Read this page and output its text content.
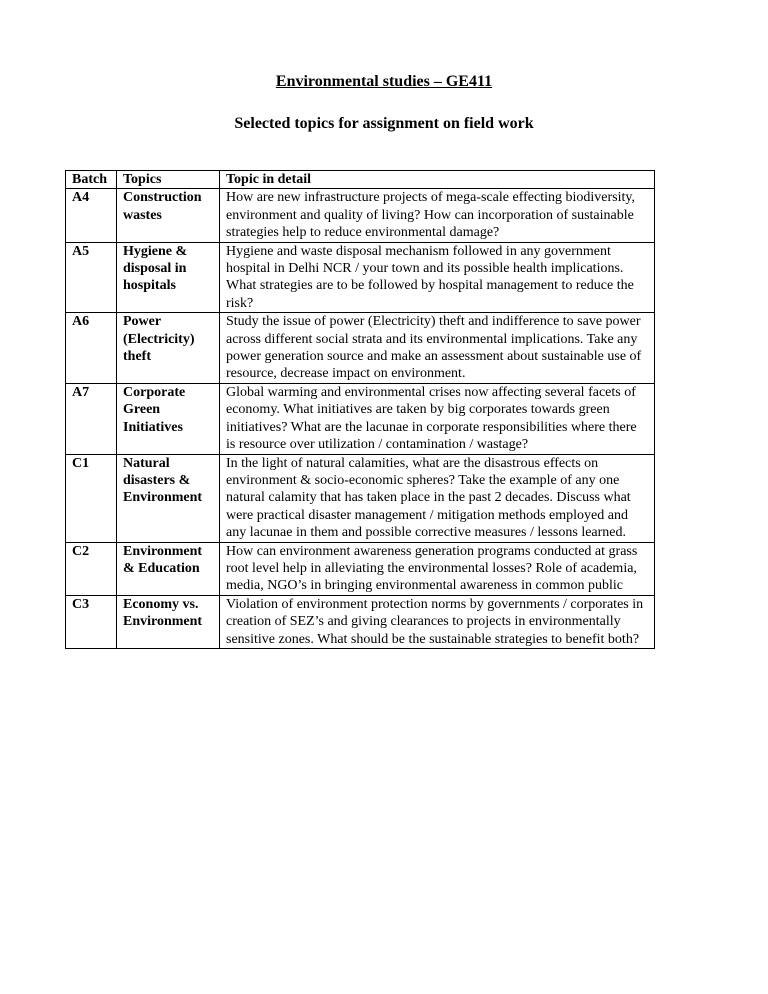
Environmental studies – GE411
Selected topics for assignment on field work
Batch	Topics	Topic in detail
A4	Construction wastes	How are new infrastructure projects of mega-scale effecting biodiversity, environment and quality of living? How can incorporation of sustainable strategies help to reduce environmental damage?
A5	Hygiene & disposal in hospitals	Hygiene and waste disposal mechanism followed in any government hospital in Delhi NCR / your town and its possible health implications. What strategies are to be followed by hospital management to reduce the risk?
A6	Power (Electricity) theft	Study the issue of power (Electricity) theft and indifference to save power across different social strata and its environmental implications. Take any power generation source and make an assessment about sustainable use of resource, decrease impact on environment.
A7	Corporate Green Initiatives	Global warming and environmental crises now affecting several facets of economy. What initiatives are taken by big corporates towards green initiatives? What are the lacunae in corporate responsibilities where there is resource over utilization / contamination / wastage?
C1	Natural disasters & Environment	In the light of natural calamities, what are the disastrous effects on environment & socio-economic spheres? Take the example of any one natural calamity that has taken place in the past 2 decades. Discuss what were practical disaster management / mitigation methods employed and any lacunae in them and possible corrective measures / lessons learned.
C2	Environment & Education	How can environment awareness generation programs conducted at grass root level help in alleviating the environmental losses? Role of academia, media, NGO’s in bringing environmental awareness in common public
C3	Economy vs. Environment	Violation of environment protection norms by governments / corporates in creation of SEZ’s and giving clearances to projects in environmentally sensitive zones. What should be the sustainable strategies to benefit both?
